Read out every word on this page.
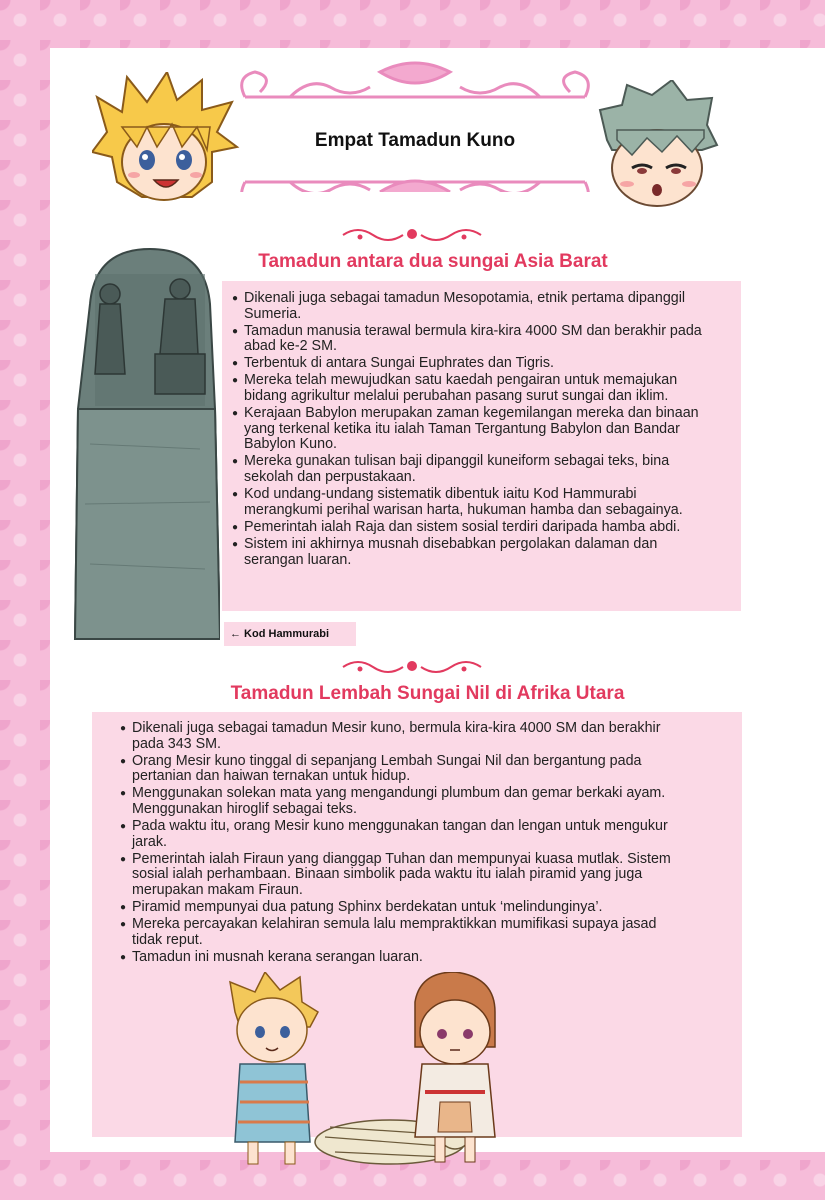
Empat Tamadun Kuno
Tamadun antara dua sungai Asia Barat
← Kod Hammurabi
● Dikenali juga sebagai tamadun Mesopotamia, etnik pertama dipanggil Sumeria.
● Tamadun manusia terawal bermula kira-kira 4000 SM dan berakhir pada abad ke-2 SM.
● Terbentuk di antara Sungai Euphrates dan Tigris.
● Mereka telah mewujudkan satu kaedah pengairan untuk memajukan bidang agrikultur melalui perubahan pasang surut sungai dan iklim.
● Kerajaan Babylon merupakan zaman kegemilangan mereka dan binaan yang terkenal ketika itu ialah Taman Tergantung Babylon dan Bandar Babylon Kuno.
● Mereka gunakan tulisan baji dipanggil kuneiform sebagai teks, bina sekolah dan perpustakaan.
● Kod undang-undang sistematik dibentuk iaitu Kod Hammurabi merangkumi perihal warisan harta, hukuman hamba dan sebagainya.
● Pemerintah ialah Raja dan sistem sosial terdiri daripada hamba abdi.
● Sistem ini akhirnya musnah disebabkan pergolakan dalaman dan serangan luaran.
Tamadun Lembah Sungai Nil di Afrika Utara
● Dikenali juga sebagai tamadun Mesir kuno, bermula kira-kira 4000 SM dan berakhir pada 343 SM.
● Orang Mesir kuno tinggal di sepanjang Lembah Sungai Nil dan bergantung pada pertanian dan haiwan ternakan untuk hidup.
● Menggunakan solekan mata yang mengandungi plumbum dan gemar berkaki ayam. Menggunakan hiroglif sebagai teks.
● Pada waktu itu, orang Mesir kuno menggunakan tangan dan lengan untuk mengukur jarak.
● Pemerintah ialah Firaun yang dianggap Tuhan dan mempunyai kuasa mutlak. Sistem sosial ialah perhambaan. Binaan simbolik pada waktu itu ialah piramid yang juga merupakan makam Firaun.
● Piramid mempunyai dua patung Sphinx berdekatan untuk ‘melindunginya’.
● Mereka percayakan kelahiran semula lalu mempraktikkan mumifikasi supaya jasad tidak reput.
● Tamadun ini musnah kerana serangan luaran.
